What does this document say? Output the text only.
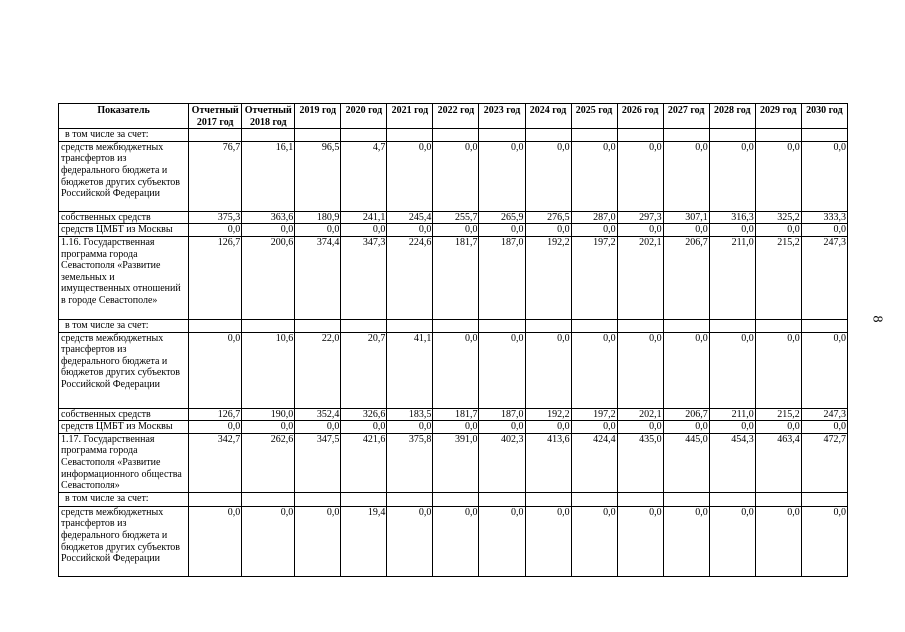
Показатель	Отчетный 2017 год	Отчетный 2018 год	2019 год	2020 год	2021 год	2022 год	2023 год	2024 год	2025 год	2026 год	2027 год	2028 год	2029 год	2030 год
в том числе за счет:														
средств межбюджетных трансфертов из федерального бюджета и бюджетов других субъектов Российской Федерации	76,7	16,1	96,5	4,7	0,0	0,0	0,0	0,0	0,0	0,0	0,0	0,0	0,0	0,0
собственных средств	375,3	363,6	180,9	241,1	245,4	255,7	265,9	276,5	287,0	297,3	307,1	316,3	325,2	333,3
средств ЦМБТ из Москвы	0,0	0,0	0,0	0,0	0,0	0,0	0,0	0,0	0,0	0,0	0,0	0,0	0,0	0,0
1.16. Государственная программа города Севастополя «Развитие земельных и имущественных отношений в городе Севастополе»	126,7	200,6	374,4	347,3	224,6	181,7	187,0	192,2	197,2	202,1	206,7	211,0	215,2	247,3
в том числе за счет:														
средств межбюджетных трансфертов из федерального бюджета и бюджетов других субъектов Российской Федерации	0,0	10,6	22,0	20,7	41,1	0,0	0,0	0,0	0,0	0,0	0,0	0,0	0,0	0,0
собственных средств	126,7	190,0	352,4	326,6	183,5	181,7	187,0	192,2	197,2	202,1	206,7	211,0	215,2	247,3
средств ЦМБТ из Москвы	0,0	0,0	0,0	0,0	0,0	0,0	0,0	0,0	0,0	0,0	0,0	0,0	0,0	0,0
1.17. Государственная программа города Севастополя «Развитие информационного общества Севастополя»	342,7	262,6	347,5	421,6	375,8	391,0	402,3	413,6	424,4	435,0	445,0	454,3	463,4	472,7
в том числе за счет:														
средств межбюджетных трансфертов из федерального бюджета и бюджетов других субъектов Российской Федерации	0,0	0,0	0,0	19,4	0,0	0,0	0,0	0,0	0,0	0,0	0,0	0,0	0,0	0,0
8
